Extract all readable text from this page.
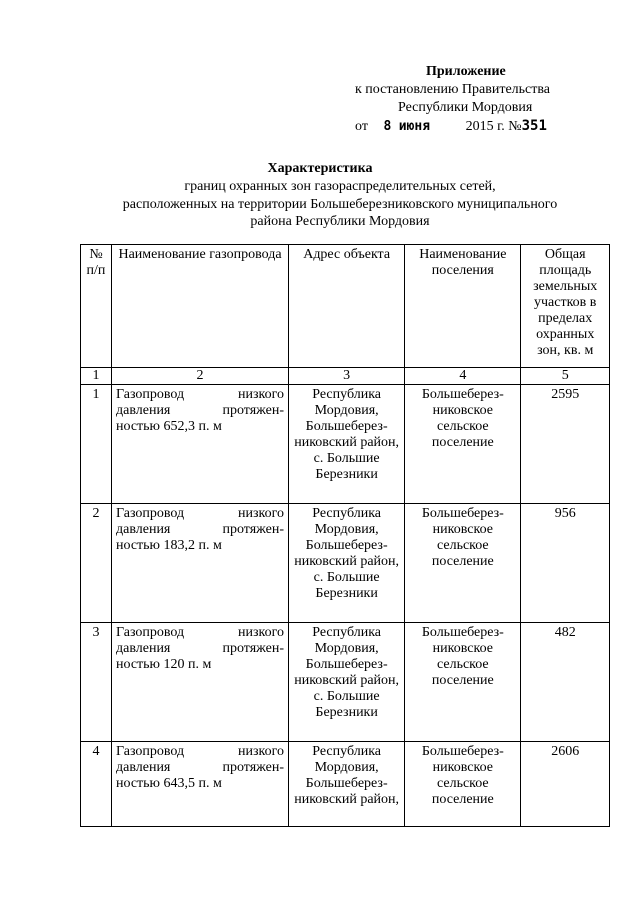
Приложение
к постановлению Правительства
Республики Мордовия
от 8 июня	2015 г. №351
Характеристика
границ охранных зон газораспределительных сетей,
расположенных на территории Большеберезниковского муниципального
района Республики Мордовия
№ п/п	Наименование газопровода	Адрес объекта	Наименование поселения	Общая площадь земельных участков в пределах охранных зон, кв. м
1	2	3	4	5
1	Газопровод низкого
давления протяжен-
ностью 652,3 п. м	Республика Мордовия, Большеберез-никовский район, с. Большие Березники	Большеберез-никовское сельское поселение	2595
2	Газопровод низкого
давления протяжен-
ностью 183,2 п. м	Республика Мордовия, Большеберез-никовский район, с. Большие Березники	Большеберез-никовское сельское поселение	956
3	Газопровод низкого
давления протяжен-
ностью 120 п. м	Республика Мордовия, Большеберез-никовский район, с. Большие Березники	Большеберез-никовское сельское поселение	482
4	Газопровод низкого
давления протяжен-
ностью 643,5 п. м	Республика Мордовия, Большеберез-никовский район,	Большеберез-никовское сельское поселение	2606
